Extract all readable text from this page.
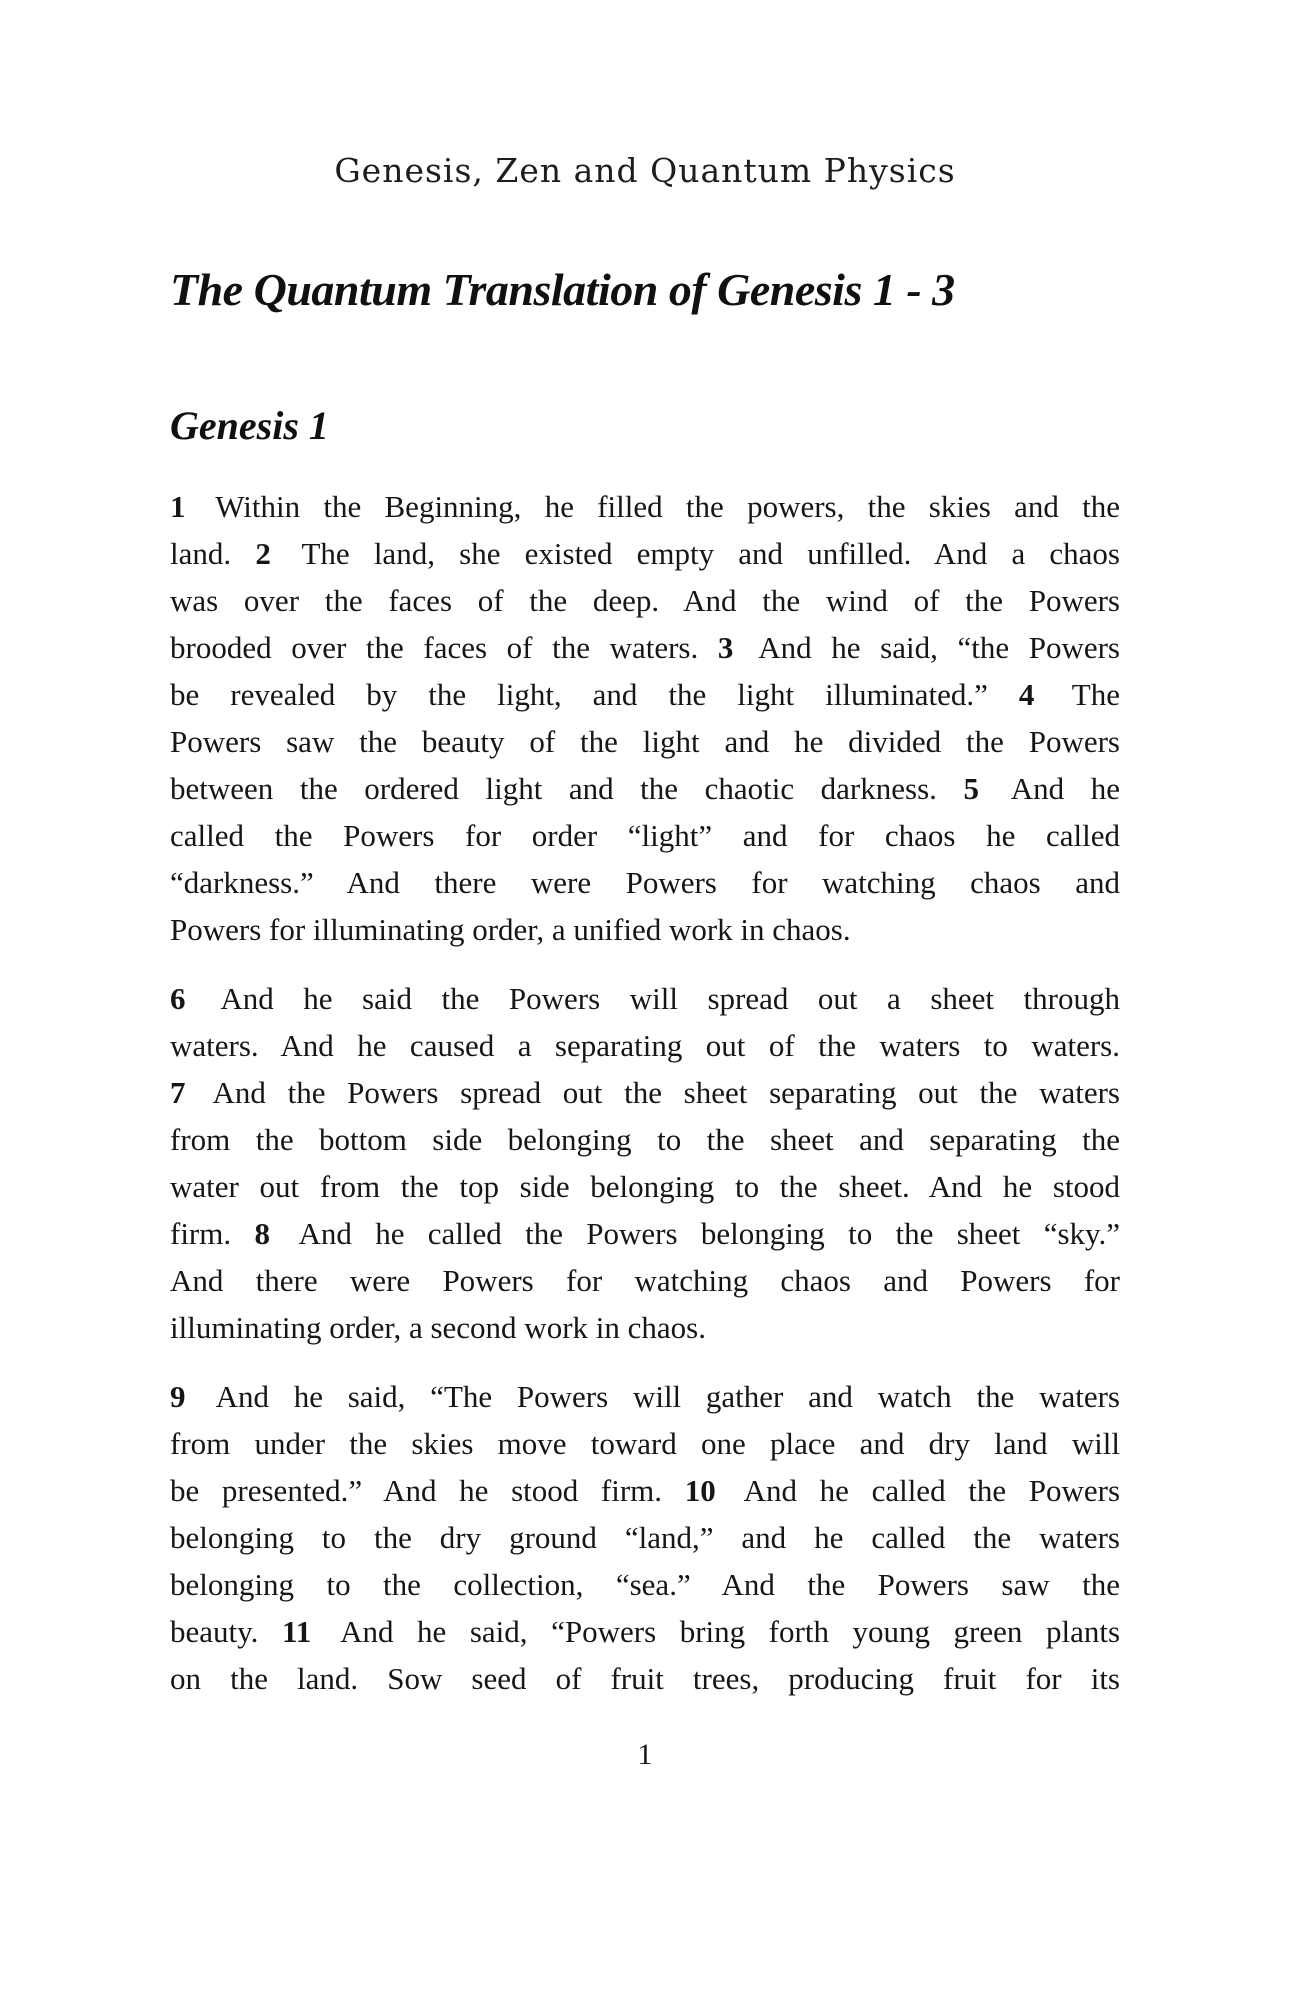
Genesis, Zen and Quantum Physics
The Quantum Translation of Genesis 1 - 3
Genesis 1
1 Within the Beginning, he filled the powers, the skies and the
land. 2 The land, she existed empty and unfilled. And a chaos
was over the faces of the deep. And the wind of the Powers
brooded over the faces of the waters. 3 And he said, “the Powers
be revealed by the light, and the light illuminated.” 4 The
Powers saw the beauty of the light and he divided the Powers
between the ordered light and the chaotic darkness. 5 And he
called the Powers for order “light” and for chaos he called
“darkness.” And there were Powers for watching chaos and
Powers for illuminating order, a unified work in chaos.
6 And he said the Powers will spread out a sheet through
waters. And he caused a separating out of the waters to waters.
7 And the Powers spread out the sheet separating out the waters
from the bottom side belonging to the sheet and separating the
water out from the top side belonging to the sheet. And he stood
firm. 8 And he called the Powers belonging to the sheet “sky.”
And there were Powers for watching chaos and Powers for
illuminating order, a second work in chaos.
9 And he said, “The Powers will gather and watch the waters
from under the skies move toward one place and dry land will
be presented.” And he stood firm. 10 And he called the Powers
belonging to the dry ground “land,” and he called the waters
belonging to the collection, “sea.” And the Powers saw the
beauty. 11 And he said, “Powers bring forth young green plants
on the land. Sow seed of fruit trees, producing fruit for its
1
